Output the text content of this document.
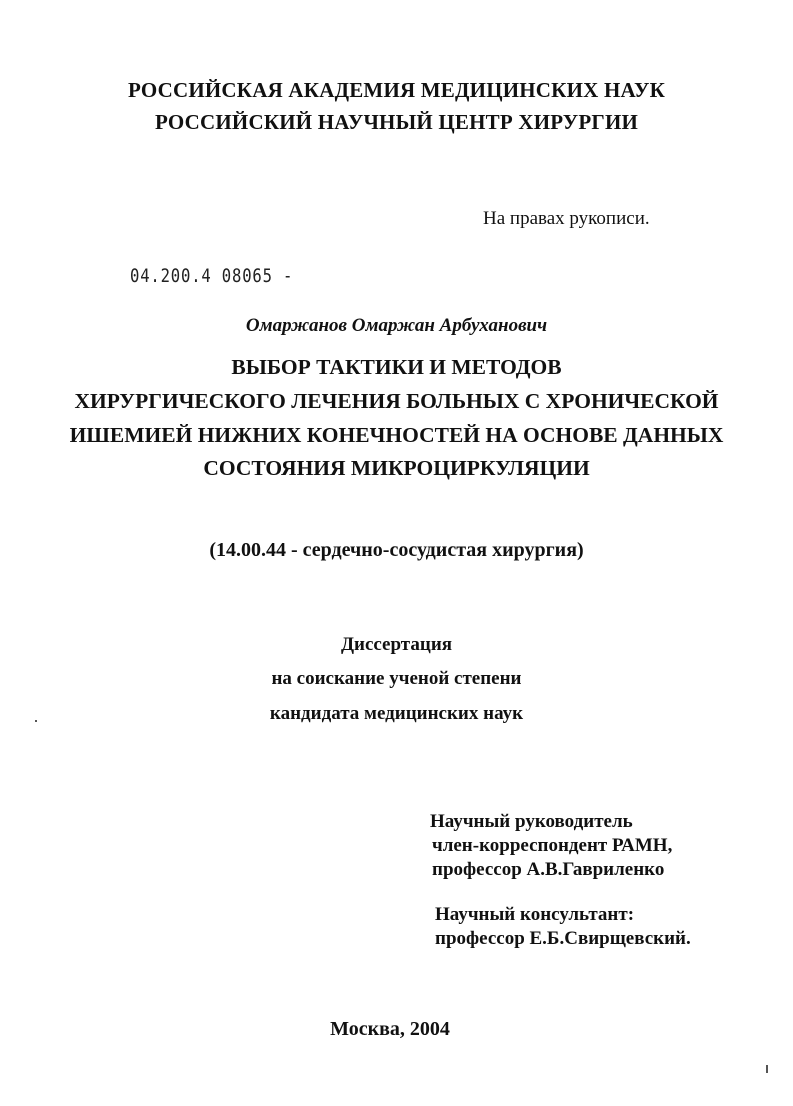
РОССИЙСКАЯ АКАДЕМИЯ МЕДИЦИНСКИХ НАУК

РОССИЙСКИЙ НАУЧНЫЙ ЦЕНТР ХИРУРГИИ

На правах рукописи.

04.200.4 08065 -

Омаржанов Омаржан Арбуханович

ВЫБОР ТАКТИКИ И МЕТОДОВ

ХИРУРГИЧЕСКОГО ЛЕЧЕНИЯ БОЛЬНЫХ С ХРОНИЧЕСКОЙ

ИШЕМИЕЙ НИЖНИХ КОНЕЧНОСТЕЙ НА ОСНОВЕ ДАННЫХ

СОСТОЯНИЯ МИКРОЦИРКУЛЯЦИИ

(14.00.44 - сердечно-сосудистая хирургия)

Диссертация

на соискание ученой степени

кандидата медицинских наук

Научный руководитель

член-корреспондент РАМН,

профессор А.В.Гавриленко

Научный консультант:

профессор Е.Б.Свирщевский.

Москва, 2004
